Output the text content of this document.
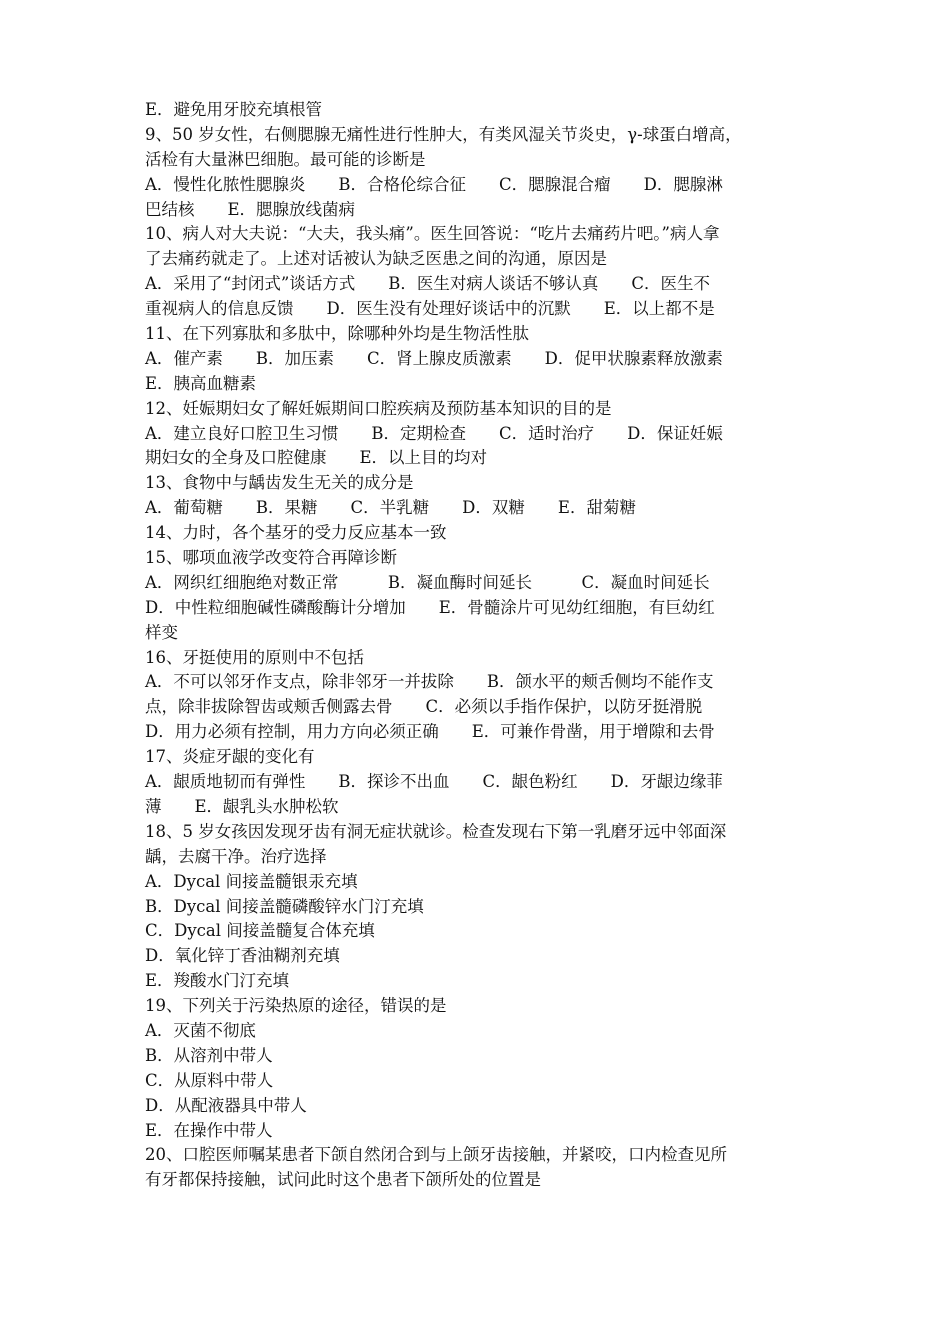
E．避免用牙胶充填根管
9、50 岁女性，右侧腮腺无痛性进行性肿大，有类风湿关节炎史，γ-球蛋白增高，
活检有大量淋巴细胞。最可能的诊断是
A．慢性化脓性腮腺炎　　B．合格伦综合征　　C．腮腺混合瘤　　D．腮腺淋
巴结核　　E．腮腺放线菌病
10、病人对大夫说：“大夫，我头痛”。医生回答说：“吃片去痛药片吧。”病人拿
了去痛药就走了。上述对话被认为缺乏医患之间的沟通，原因是
A．采用了“封闭式”谈话方式　　B．医生对病人谈话不够认真　　C．医生不
重视病人的信息反馈　　D．医生没有处理好谈话中的沉默　　E．以上都不是
11、在下列寡肽和多肽中，除哪种外均是生物活性肽
A．催产素　　B．加压素　　C．肾上腺皮质激素　　D．促甲状腺素释放激素
E．胰高血糖素
12、妊娠期妇女了解妊娠期间口腔疾病及预防基本知识的目的是
A．建立良好口腔卫生习惯　　B．定期检查　　C．适时治疗　　D．保证妊娠
期妇女的全身及口腔健康　　E．以上目的均对
13、食物中与龋齿发生无关的成分是
A．葡萄糖　　B．果糖　　C．半乳糖　　D．双糖　　E．甜菊糖
14、力时，各个基牙的受力反应基本一致
15、哪项血液学改变符合再障诊断
A．网织红细胞绝对数正常　　　B．凝血酶时间延长　　　C．凝血时间延长
D．中性粒细胞碱性磷酸酶计分增加　　E．骨髓涂片可见幼红细胞，有巨幼红
样变
16、牙挺使用的原则中不包括
A．不可以邻牙作支点，除非邻牙一并拔除　　B．颌水平的颊舌侧均不能作支
点，除非拔除智齿或颊舌侧露去骨　　C．必须以手指作保护，以防牙挺滑脱
D．用力必须有控制，用力方向必须正确　　E．可兼作骨凿，用于增隙和去骨
17、炎症牙龈的变化有
A．龈质地韧而有弹性　　B．探诊不出血　　C．龈色粉红　　D．牙龈边缘菲
薄　　E．龈乳头水肿松软
18、5 岁女孩因发现牙齿有洞无症状就诊。检查发现右下第一乳磨牙远中邻面深
龋，去腐干净。治疗选择
A．Dycal 间接盖髓银汞充填
B．Dycal 间接盖髓磷酸锌水门汀充填
C．Dycal 间接盖髓复合体充填
D．氧化锌丁香油糊剂充填
E．羧酸水门汀充填
19、下列关于污染热原的途径，错误的是
A．灭菌不彻底
B．从溶剂中带人
C．从原料中带人
D．从配液器具中带人
E．在操作中带人
20、口腔医师嘱某患者下颌自然闭合到与上颌牙齿接触，并紧咬，口内检查见所
有牙都保持接触，试问此时这个患者下颌所处的位置是
